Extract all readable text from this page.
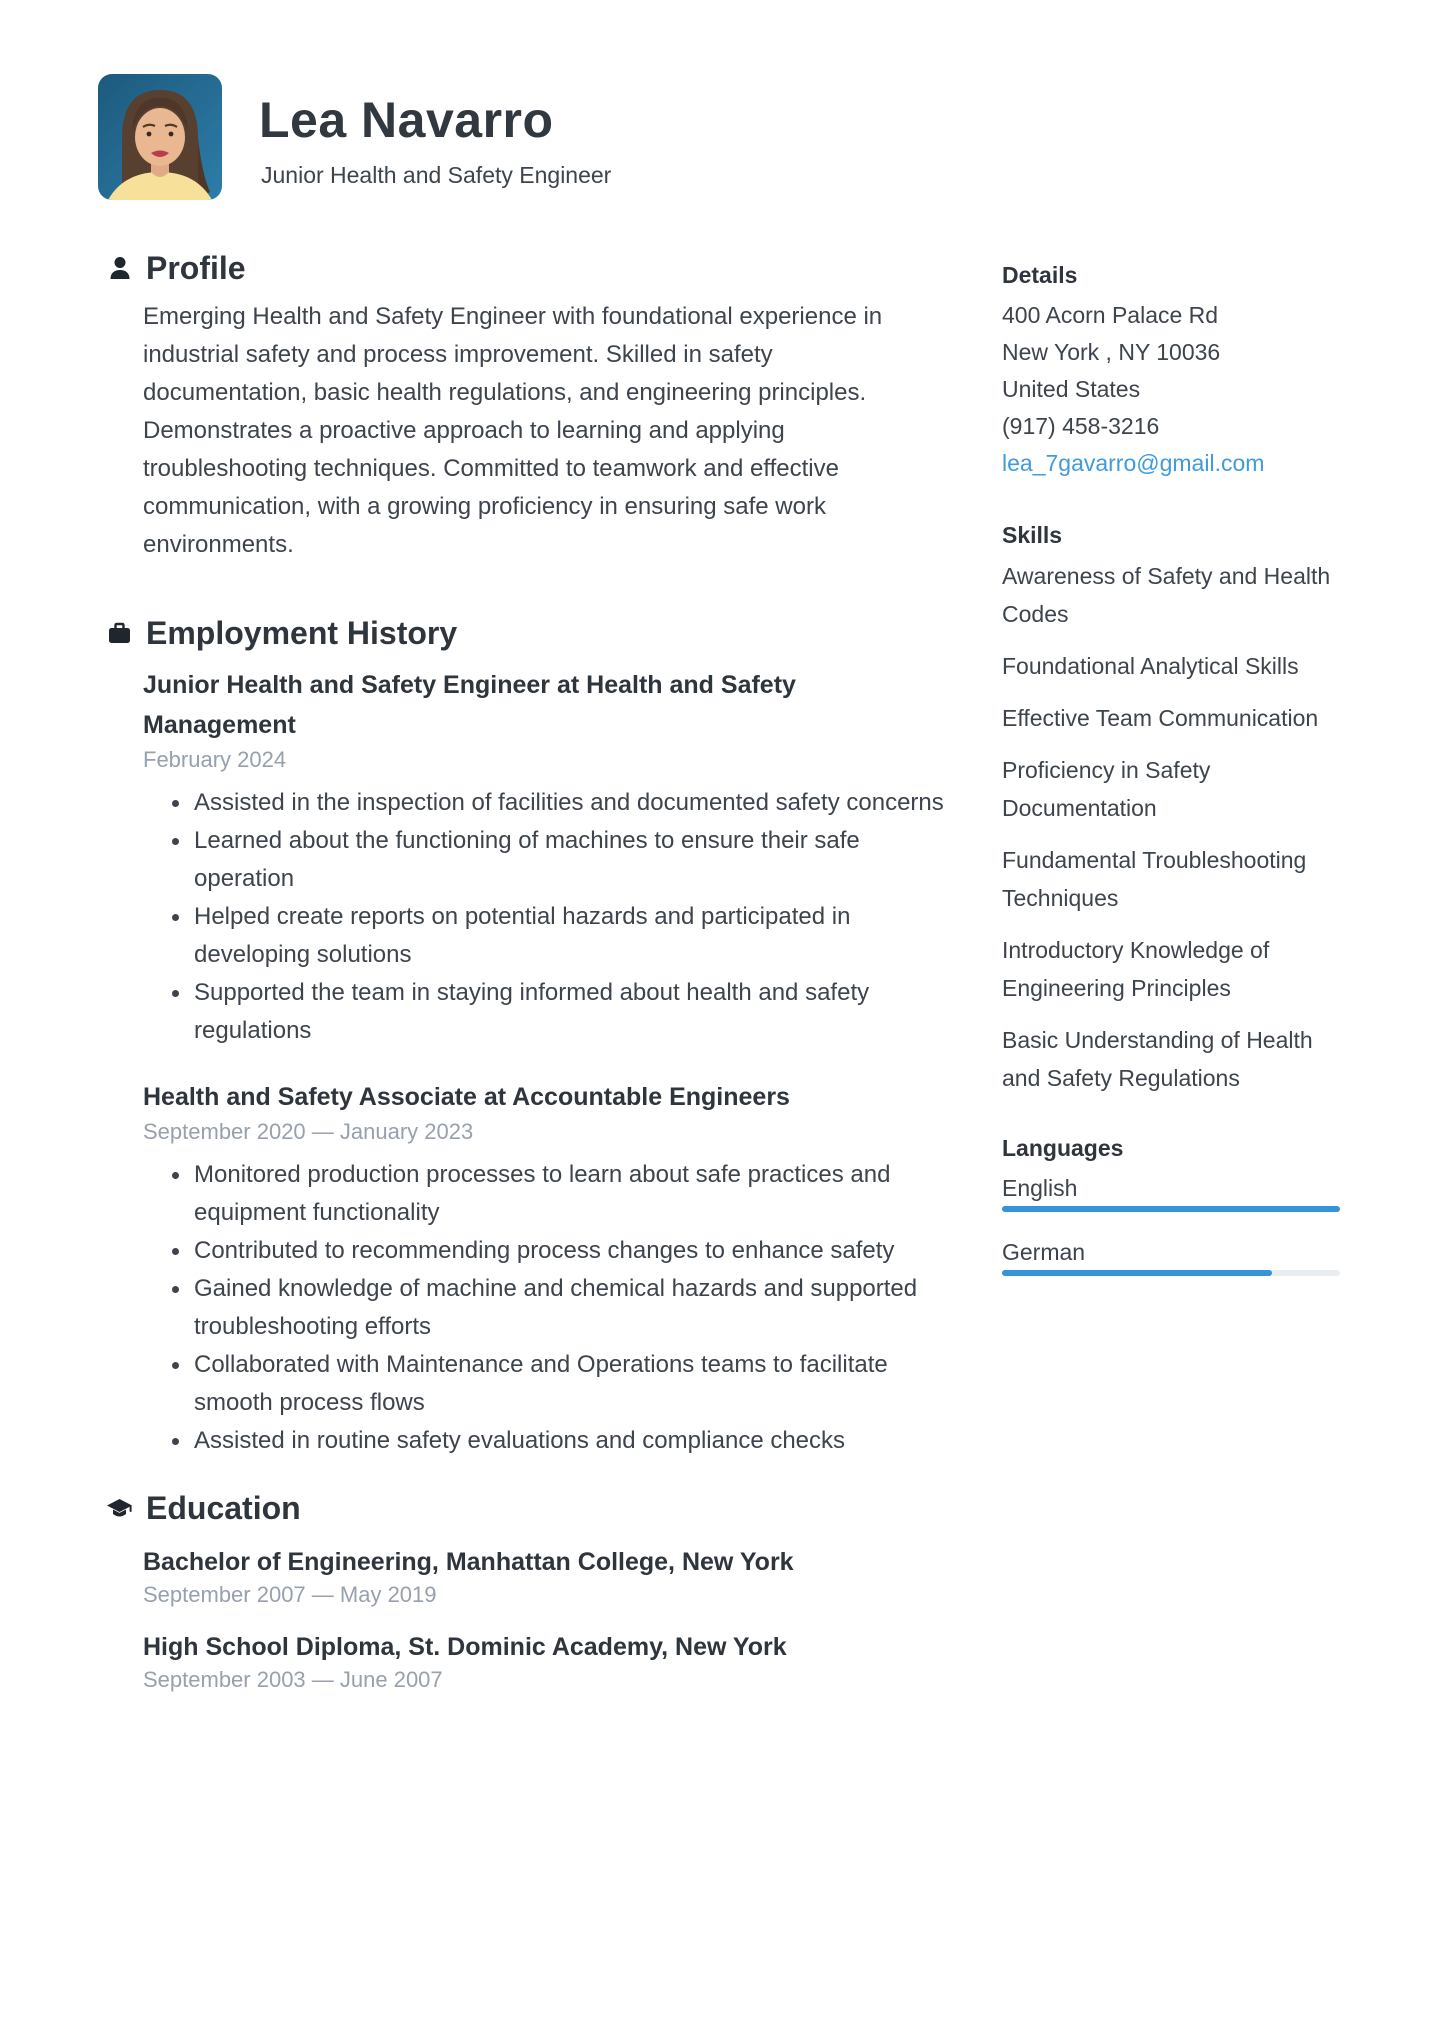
Lea Navarro
Junior Health and Safety Engineer
Profile

Emerging Health and Safety Engineer with foundational experience in industrial safety and process improvement. Skilled in safety documentation, basic health regulations, and engineering principles. Demonstrates a proactive approach to learning and applying troubleshooting techniques. Committed to teamwork and effective communication, with a growing proficiency in ensuring safe work environments.

Employment History
Junior Health and Safety Engineer at Health and Safety Management
February 2024
Assisted in the inspection of facilities and documented safety concerns
Learned about the functioning of machines to ensure their safe operation
Helped create reports on potential hazards and participated in developing solutions
Supported the team in staying informed about health and safety regulations
Health and Safety Associate at Accountable Engineers
September 2020 — January 2023
Monitored production processes to learn about safe practices and equipment functionality
Contributed to recommending process changes to enhance safety
Gained knowledge of machine and chemical hazards and supported troubleshooting efforts
Collaborated with Maintenance and Operations teams to facilitate smooth process flows
Assisted in routine safety evaluations and compliance checks
Education
Bachelor of Engineering, Manhattan College, New York
September 2007 — May 2019
High School Diploma, St. Dominic Academy, New York
September 2003 — June 2007
Details
400 Acorn Palace Rd
New York , NY 10036
United States
(917) 458-3216
lea_7gavarro@gmail.com
Skills
Awareness of Safety and Health Codes
Foundational Analytical Skills
Effective Team Communication
Proficiency in Safety Documentation
Fundamental Troubleshooting Techniques
Introductory Knowledge of Engineering Principles
Basic Understanding of Health and Safety Regulations
Languages
English
German
